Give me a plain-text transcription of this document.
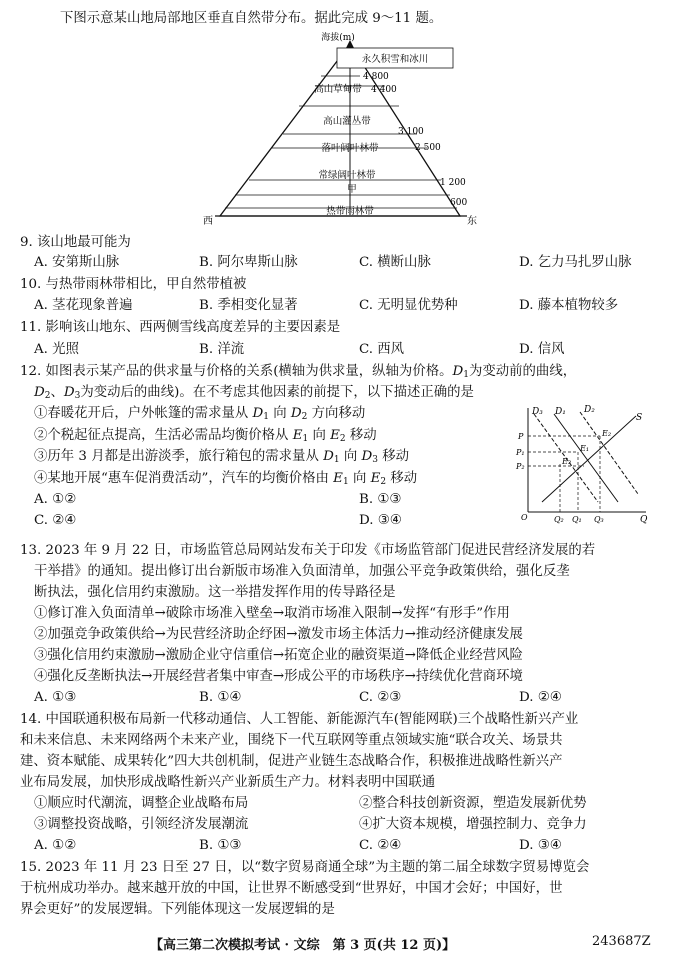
下图示意某山地局部地区垂直自然带分布。据此完成 9～11 题。
海拔(m)
永久积雪和冰川
高山草甸带
高山灌丛带
落叶阔叶林带
常绿阔叶林带
甲
热带雨林带
4 800
4 400
3 100
2 500
1 200
600
西	东
9. 该山地最可能为
A. 安第斯山脉	B. 阿尔卑斯山脉	C. 横断山脉	D. 乞力马扎罗山脉
10. 与热带雨林带相比，甲自然带植被
A. 茎花现象普遍	B. 季相变化显著	C. 无明显优势种	D. 藤本植物较多
11. 影响该山地东、西两侧雪线高度差异的主要因素是
A. 光照	B. 洋流	C. 西风	D. 信风
12. 如图表示某产品的供求量与价格的关系(横轴为供求量，纵轴为价格。$D_1$为变动前的曲线，
$D_2$、$D_3$为变动后的曲线)。在不考虑其他因素的前提下，以下描述正确的是
①春暖花开后，户外帐篷的需求量从 $D_1$ 向 $D_2$ 方向移动
②个税起征点提高，生活必需品均衡价格从 $E_1$ 向 $E_2$ 移动
③历年 3 月都是出游淡季，旅行箱包的需求量从 $D_1$ 向 $D_3$ 移动
④某地开展“惠车促消费活动”，汽车的均衡价格由 $E_1$ 向 $E_2$ 移动
A. ①②	B. ①③
C. ②④	D. ③④
D₃ D₁ D₂
S
P
P₁
P₂
E₂
E₁
E₃
O	Q₂ Q₁ Q₃	Q
13. 2023 年 9 月 22 日，市场监管总局网站发布关于印发《市场监管部门促进民营经济发展的若
干举措》的通知。提出修订出台新版市场准入负面清单，加强公平竞争政策供给，强化反垄
断执法，强化信用约束激励。这一举措发挥作用的传导路径是
①修订准入负面清单→破除市场准入壁垒→取消市场准入限制→发挥“有形手”作用
②加强竞争政策供给→为民营经济助企纾困→激发市场主体活力→推动经济健康发展
③强化信用约束激励→激励企业守信重信→拓宽企业的融资渠道→降低企业经营风险
④强化反垄断执法→开展经营者集中审查→形成公平的市场秩序→持续优化营商环境
A. ①③	B. ①④	C. ②③	D. ②④
14. 中国联通积极布局新一代移动通信、人工智能、新能源汽车(智能网联)三个战略性新兴产业
和未来信息、未来网络两个未来产业，围绕下一代互联网等重点领域实施“联合攻关、场景共
建、资本赋能、成果转化”四大共创机制，促进产业链生态战略合作，积极推进战略性新兴产
业布局发展，加快形成战略性新兴产业新质生产力。材料表明中国联通
①顺应时代潮流，调整企业战略布局	②整合科技创新资源，塑造发展新优势
③调整投资战略，引领经济发展潮流	④扩大资本规模，增强控制力、竞争力
A. ①②	B. ①③	C. ②④	D. ③④
15. 2023 年 11 月 23 日至 27 日，以“数字贸易商通全球”为主题的第二届全球数字贸易博览会
于杭州成功举办。越来越开放的中国，让世界不断感受到“世界好，中国才会好；中国好，世
界会更好”的发展逻辑。下列能体现这一发展逻辑的是
【高三第二次模拟考试 · 文综　第 3 页(共 12 页)】	243687Z
